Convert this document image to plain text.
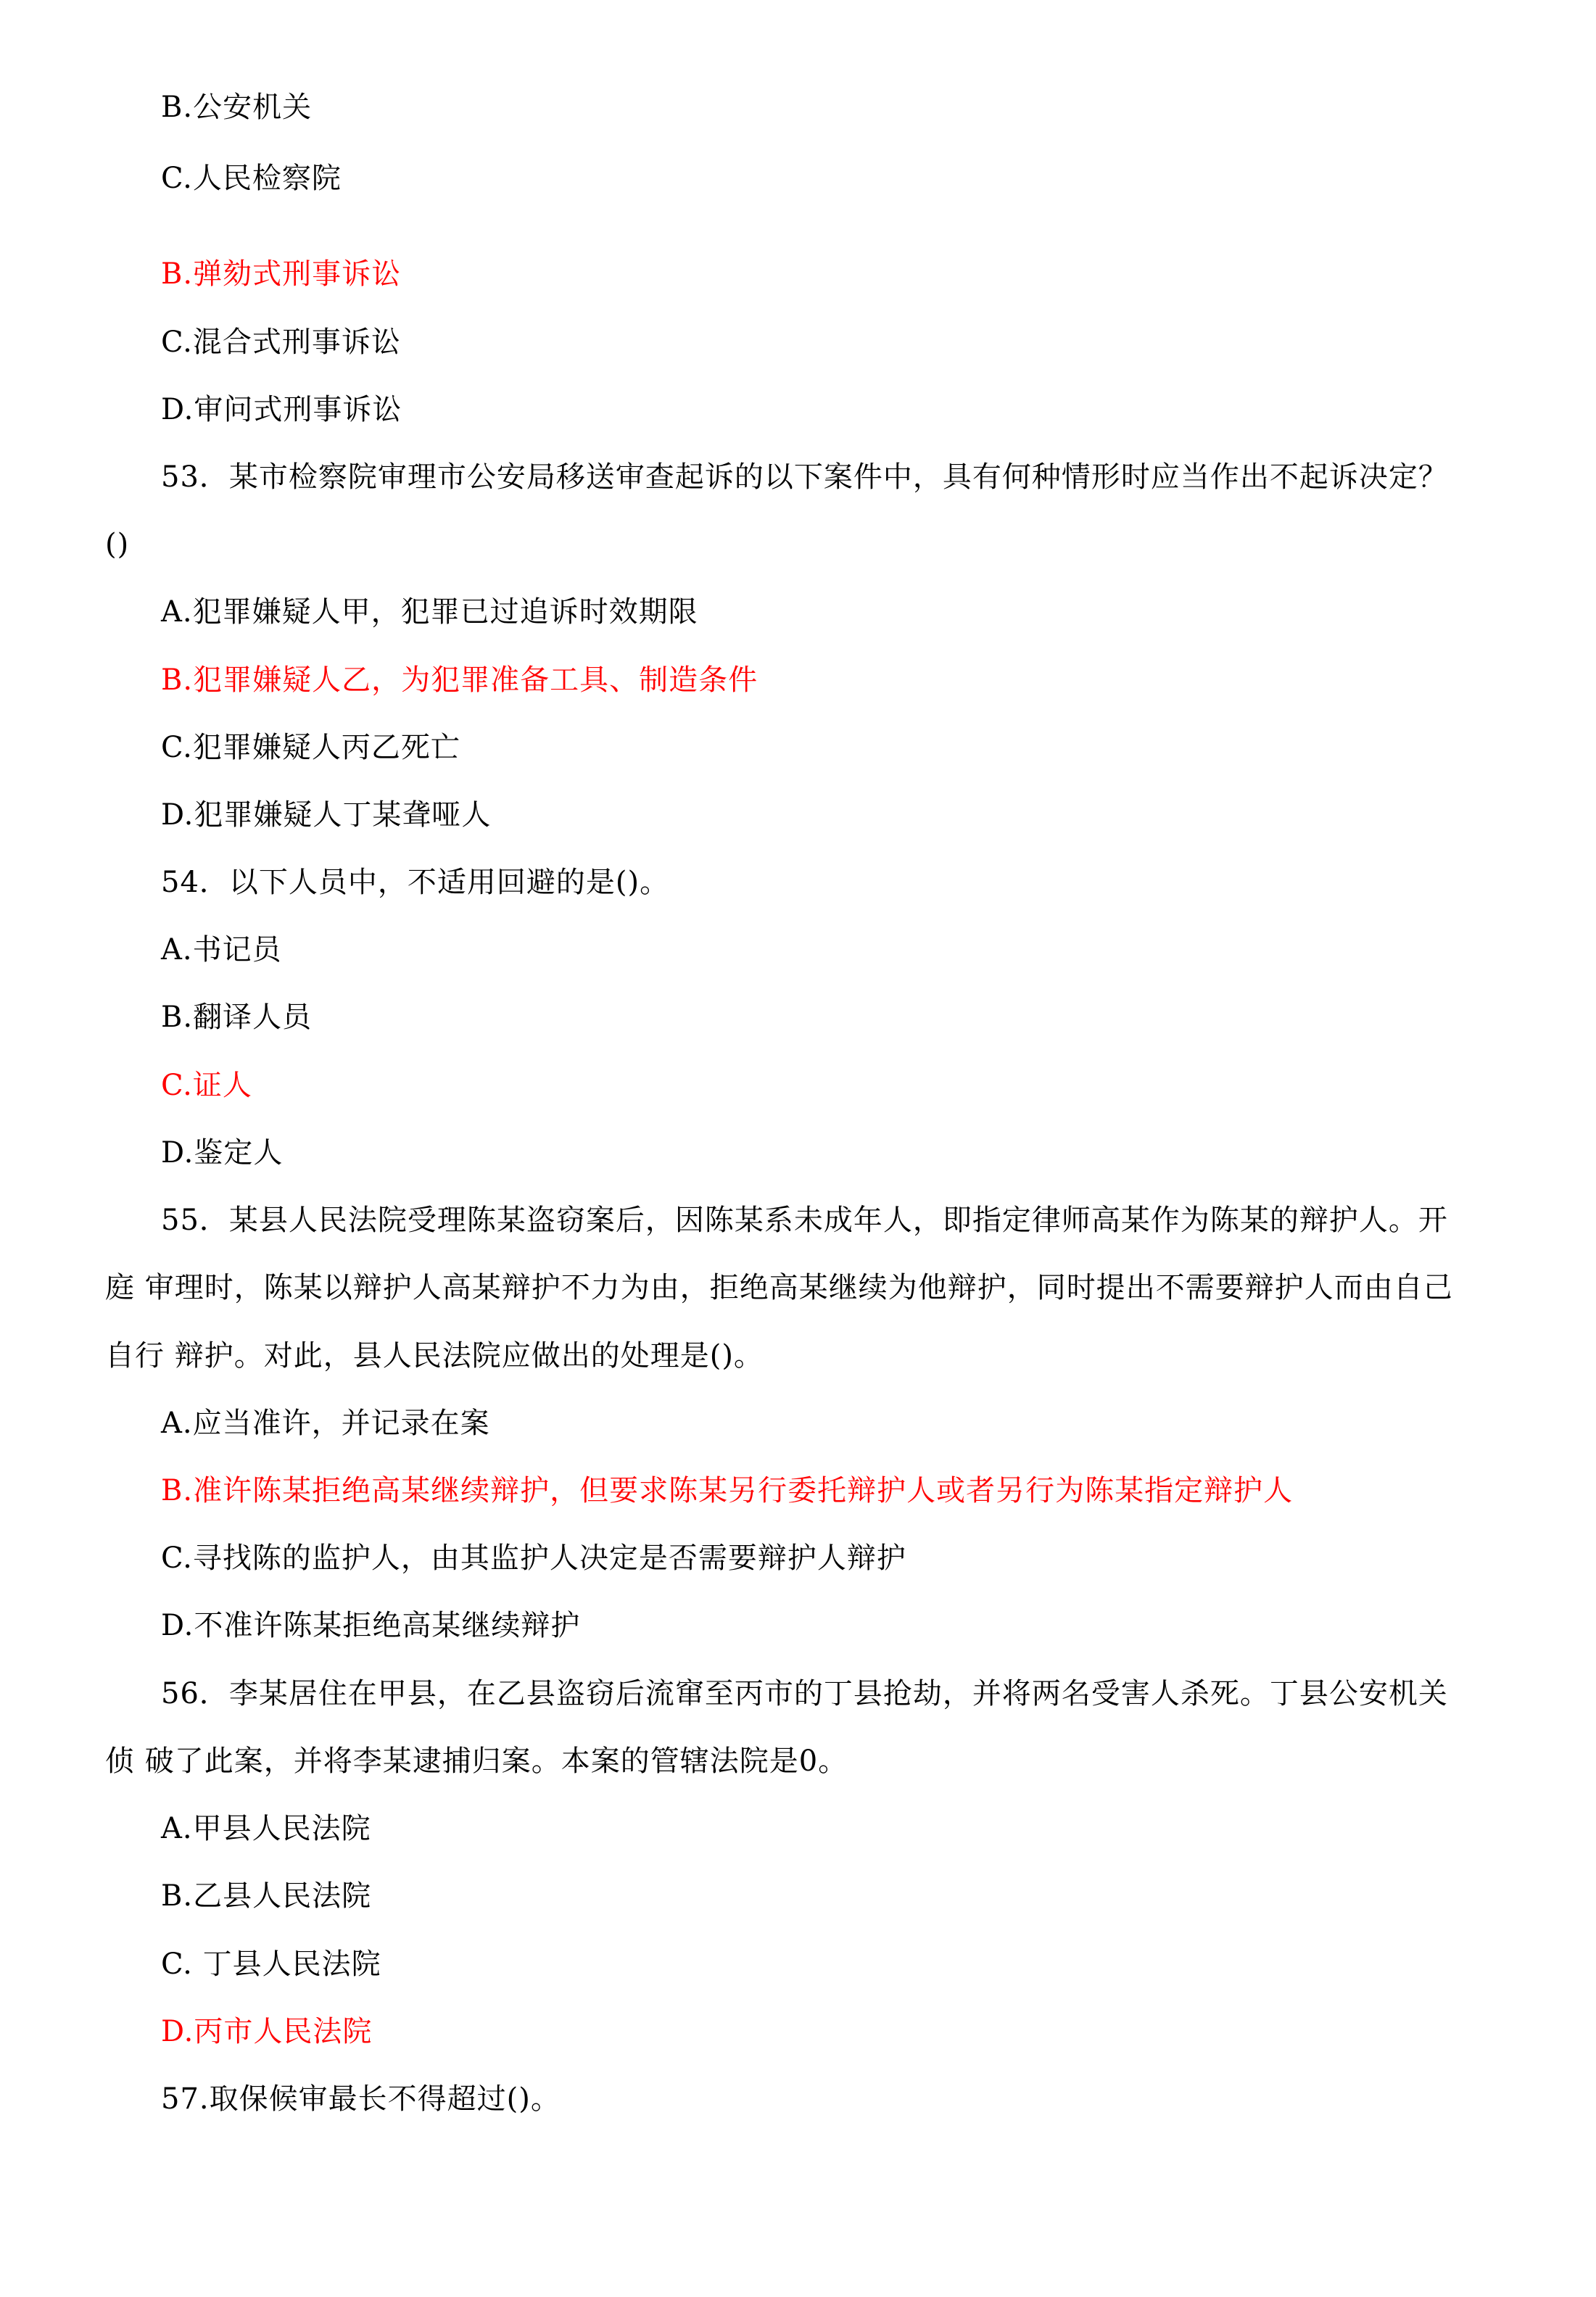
B.公安机关
C.人民检察院
B.弹劾式刑事诉讼
C.混合式刑事诉讼
D.审问式刑事诉讼
53．某市检察院审理市公安局移送审查起诉的以下案件中，具有何种情形时应当作出不起诉决定？
()
A.犯罪嫌疑人甲，犯罪已过追诉时效期限
B.犯罪嫌疑人乙，为犯罪准备工具、制造条件
C.犯罪嫌疑人丙乙死亡
D.犯罪嫌疑人丁某聋哑人
54．以下人员中，不适用回避的是()。
A.书记员
B.翻译人员
C.证人
D.鉴定人
55．某县人民法院受理陈某盗窃案后，因陈某系未成年人，即指定律师高某作为陈某的辩护人。开
庭 审理时，陈某以辩护人高某辩护不力为由，拒绝高某继续为他辩护，同时提出不需要辩护人而由自己
自行 辩护。对此，县人民法院应做出的处理是()。
A.应当准许，并记录在案
B.准许陈某拒绝高某继续辩护，但要求陈某另行委托辩护人或者另行为陈某指定辩护人
C.寻找陈的监护人，由其监护人决定是否需要辩护人辩护
D.不准许陈某拒绝高某继续辩护
56．李某居住在甲县，在乙县盗窃后流窜至丙市的丁县抢劫，并将两名受害人杀死。丁县公安机关
侦 破了此案，并将李某逮捕归案。本案的管辖法院是0。
A.甲县人民法院
B.乙县人民法院
C. 丁县人民法院
D.丙市人民法院
57.取保候审最长不得超过()。
